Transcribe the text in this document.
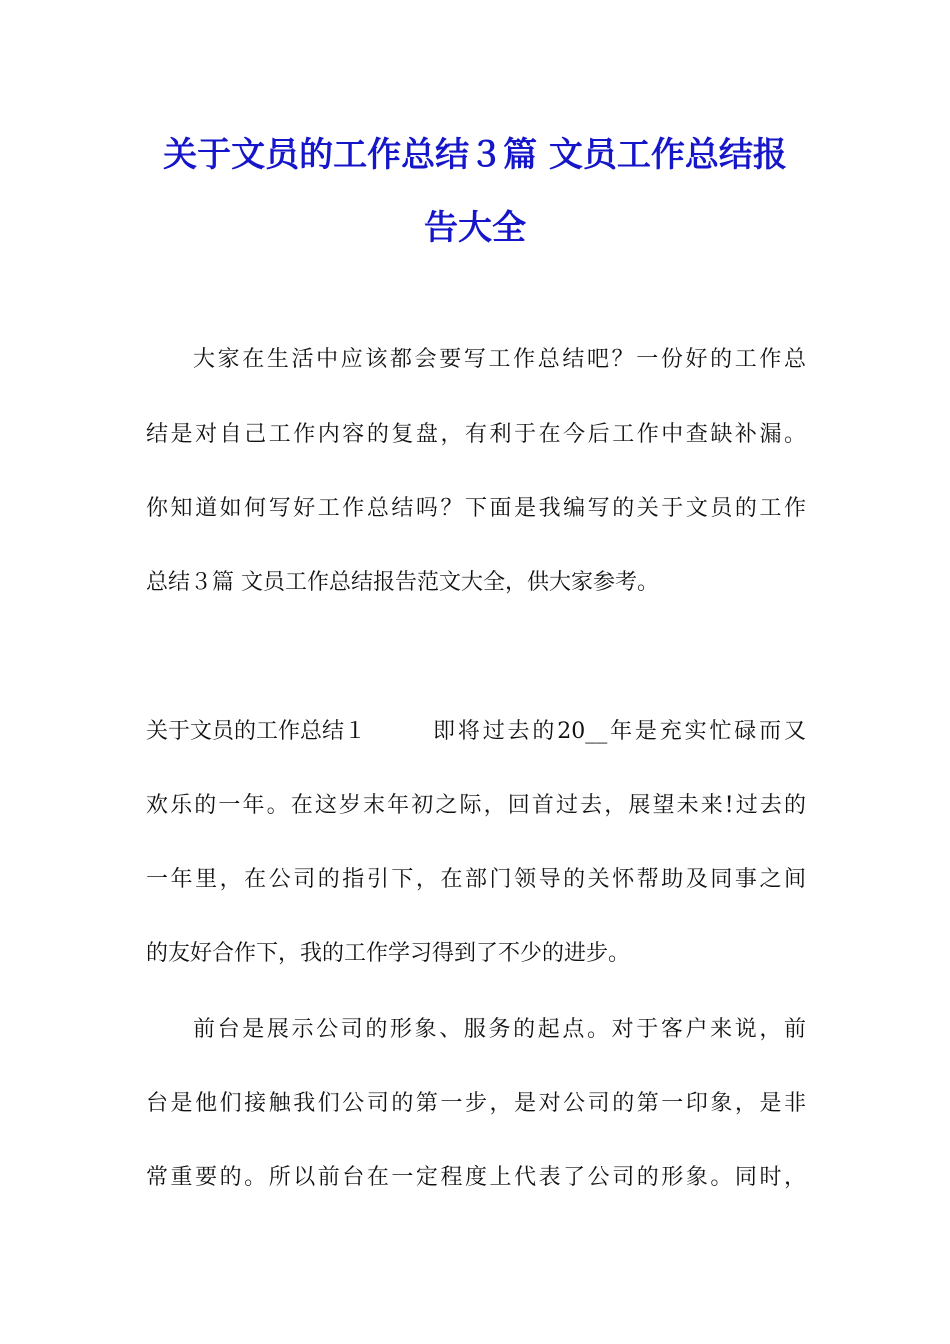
关于文员的工作总结３篇 文员工作总结报
告大全
大家在生活中应该都会要写工作总结吧？一份好的工作总
结是对自己工作内容的复盘，有利于在今后工作中查缺补漏。
你知道如何写好工作总结吗？下面是我编写的关于文员的工作
总结３篇 文员工作总结报告范文大全，供大家参考。
关于文员的工作总结１	即将过去的20__年是充实忙碌而又
欢乐的一年。在这岁末年初之际，回首过去，展望未来!过去的
一年里，在公司的指引下，在部门领导的关怀帮助及同事之间
的友好合作下，我的工作学习得到了不少的进步。
前台是展示公司的形象、服务的起点。对于客户来说，前
台是他们接触我们公司的第一步，是对公司的第一印象，是非
常重要的。所以前台在一定程度上代表了公司的形象。同时，
